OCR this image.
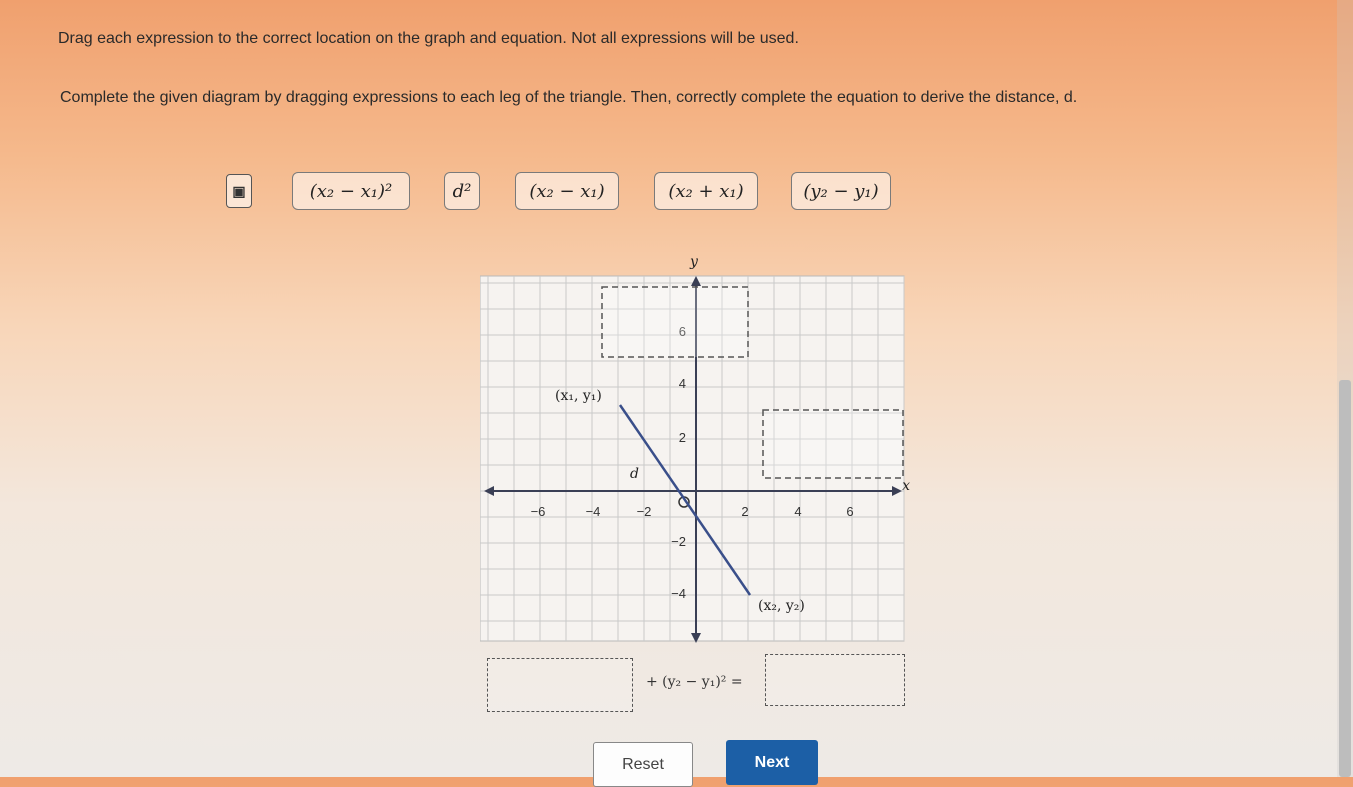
Drag each expression to the correct location on the graph and equation. Not all expressions will be used.
Complete the given diagram by dragging expressions to each leg of the triangle. Then, correctly complete the equation to derive the distance, d.
▣	(x₂ − x₁)²	d²	(x₂ − x₁)	(x₂ + x₁)	(y₂ − y₁)
x
y
−6	−4	−2	2	4	6
4
2
−2
−4
d
(x₁, y₁)
(x₂, y₂)
+ (y₂ − y₁)² =
Reset	Next
